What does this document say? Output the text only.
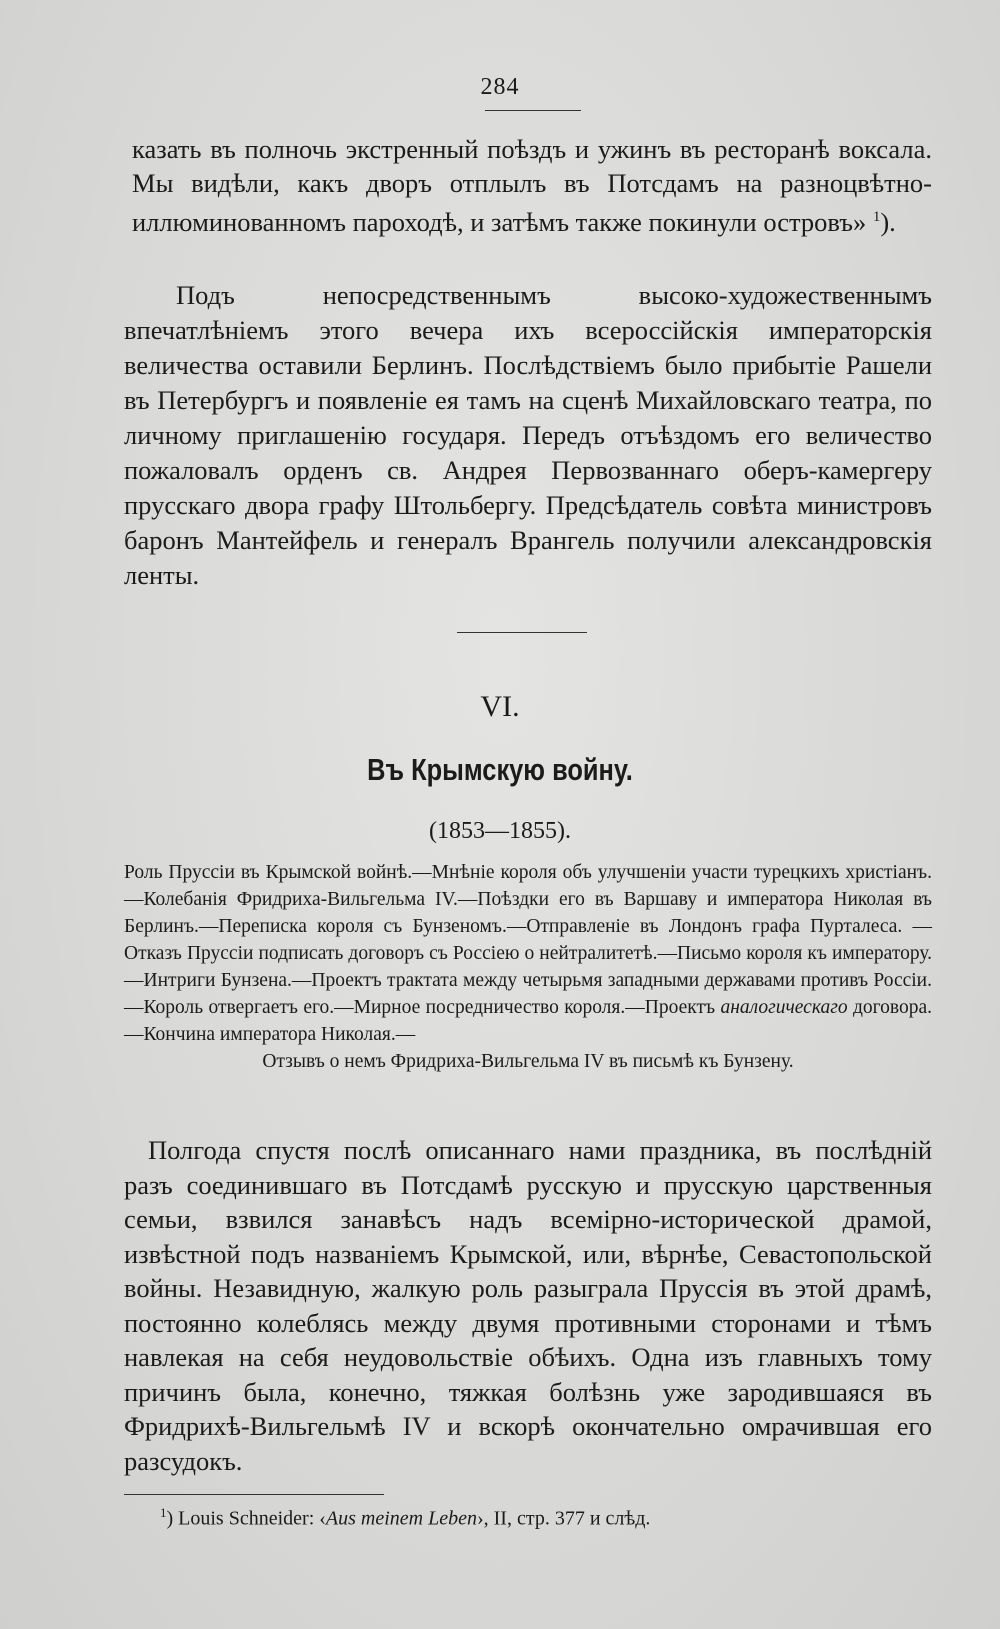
284

казать въ полночь экстренный поѣздъ и ужинъ въ ресторанѣ воксала. Мы видѣли, какъ дворъ отплылъ въ Потсдамъ на разноцвѣтно-иллюминованномъ пароходѣ, и затѣмъ также покинули островъ» $^1$).

Подъ непосредственнымъ высоко-художественнымъ впечатлѣніемъ этого вечера ихъ всероссійскія императорскія величества оставили Берлинъ. Послѣдствіемъ было прибытіе Рашели въ Петербургъ и появленіе ея тамъ на сценѣ Михайловскаго театра, по личному приглашенію государя. Передъ отъѣздомъ его величество пожаловалъ орденъ св. Андрея Первозваннаго оберъ-камергеру прусскаго двора графу Штольбергу. Предсѣдатель совѣта министровъ баронъ Мантейфель и генералъ Врангель получили александровскія ленты.

VI.
Въ Крымскую войну.
(1853—1855).

Роль Пруссіи въ Крымской войнѣ.—Мнѣніе короля объ улучшеніи участи турецкихъ христіанъ.—Колебанія Фридриха-Вильгельма IV.—Поѣздки его въ Варшаву и императора Николая въ Берлинъ.—Переписка короля съ Бунзеномъ.—Отправленіе въ Лондонъ графа Пурталеса. — Отказъ Пруссіи подписать договоръ съ Россіею о нейтралитетѣ.—Письмо короля къ императору.—Интриги Бунзена.—Проектъ трактата между четырьмя западными державами противъ Россіи.—Король отвергаетъ его.—Мирное посредничество короля.—Проектъ аналогическаго договора.—Кончина императора Николая.—
Отзывъ о немъ Фридриха-Вильгельма IV въ письмѣ къ Бунзену.

Полгода спустя послѣ описаннаго нами праздника, въ послѣдній разъ соединившаго въ Потсдамѣ русскую и прусскую царственныя семьи, взвился занавѣсъ надъ всемірно-исторической драмой, извѣстной подъ названіемъ Крымской, или, вѣрнѣе, Севастопольской войны. Незавидную, жалкую роль разыграла Пруссія въ этой драмѣ, постоянно колеблясь между двумя противными сторонами и тѣмъ навлекая на себя неудовольствіе обѣихъ. Одна изъ главныхъ тому причинъ была, конечно, тяжкая болѣзнь уже зародившаяся въ Фридрихѣ-Вильгельмѣ IV и вскорѣ окончательно омрачившая его разсудокъ.

$^1$) Louis Schneider: ‹Aus meinem Leben›, II, стр. 377 и слѣд.
